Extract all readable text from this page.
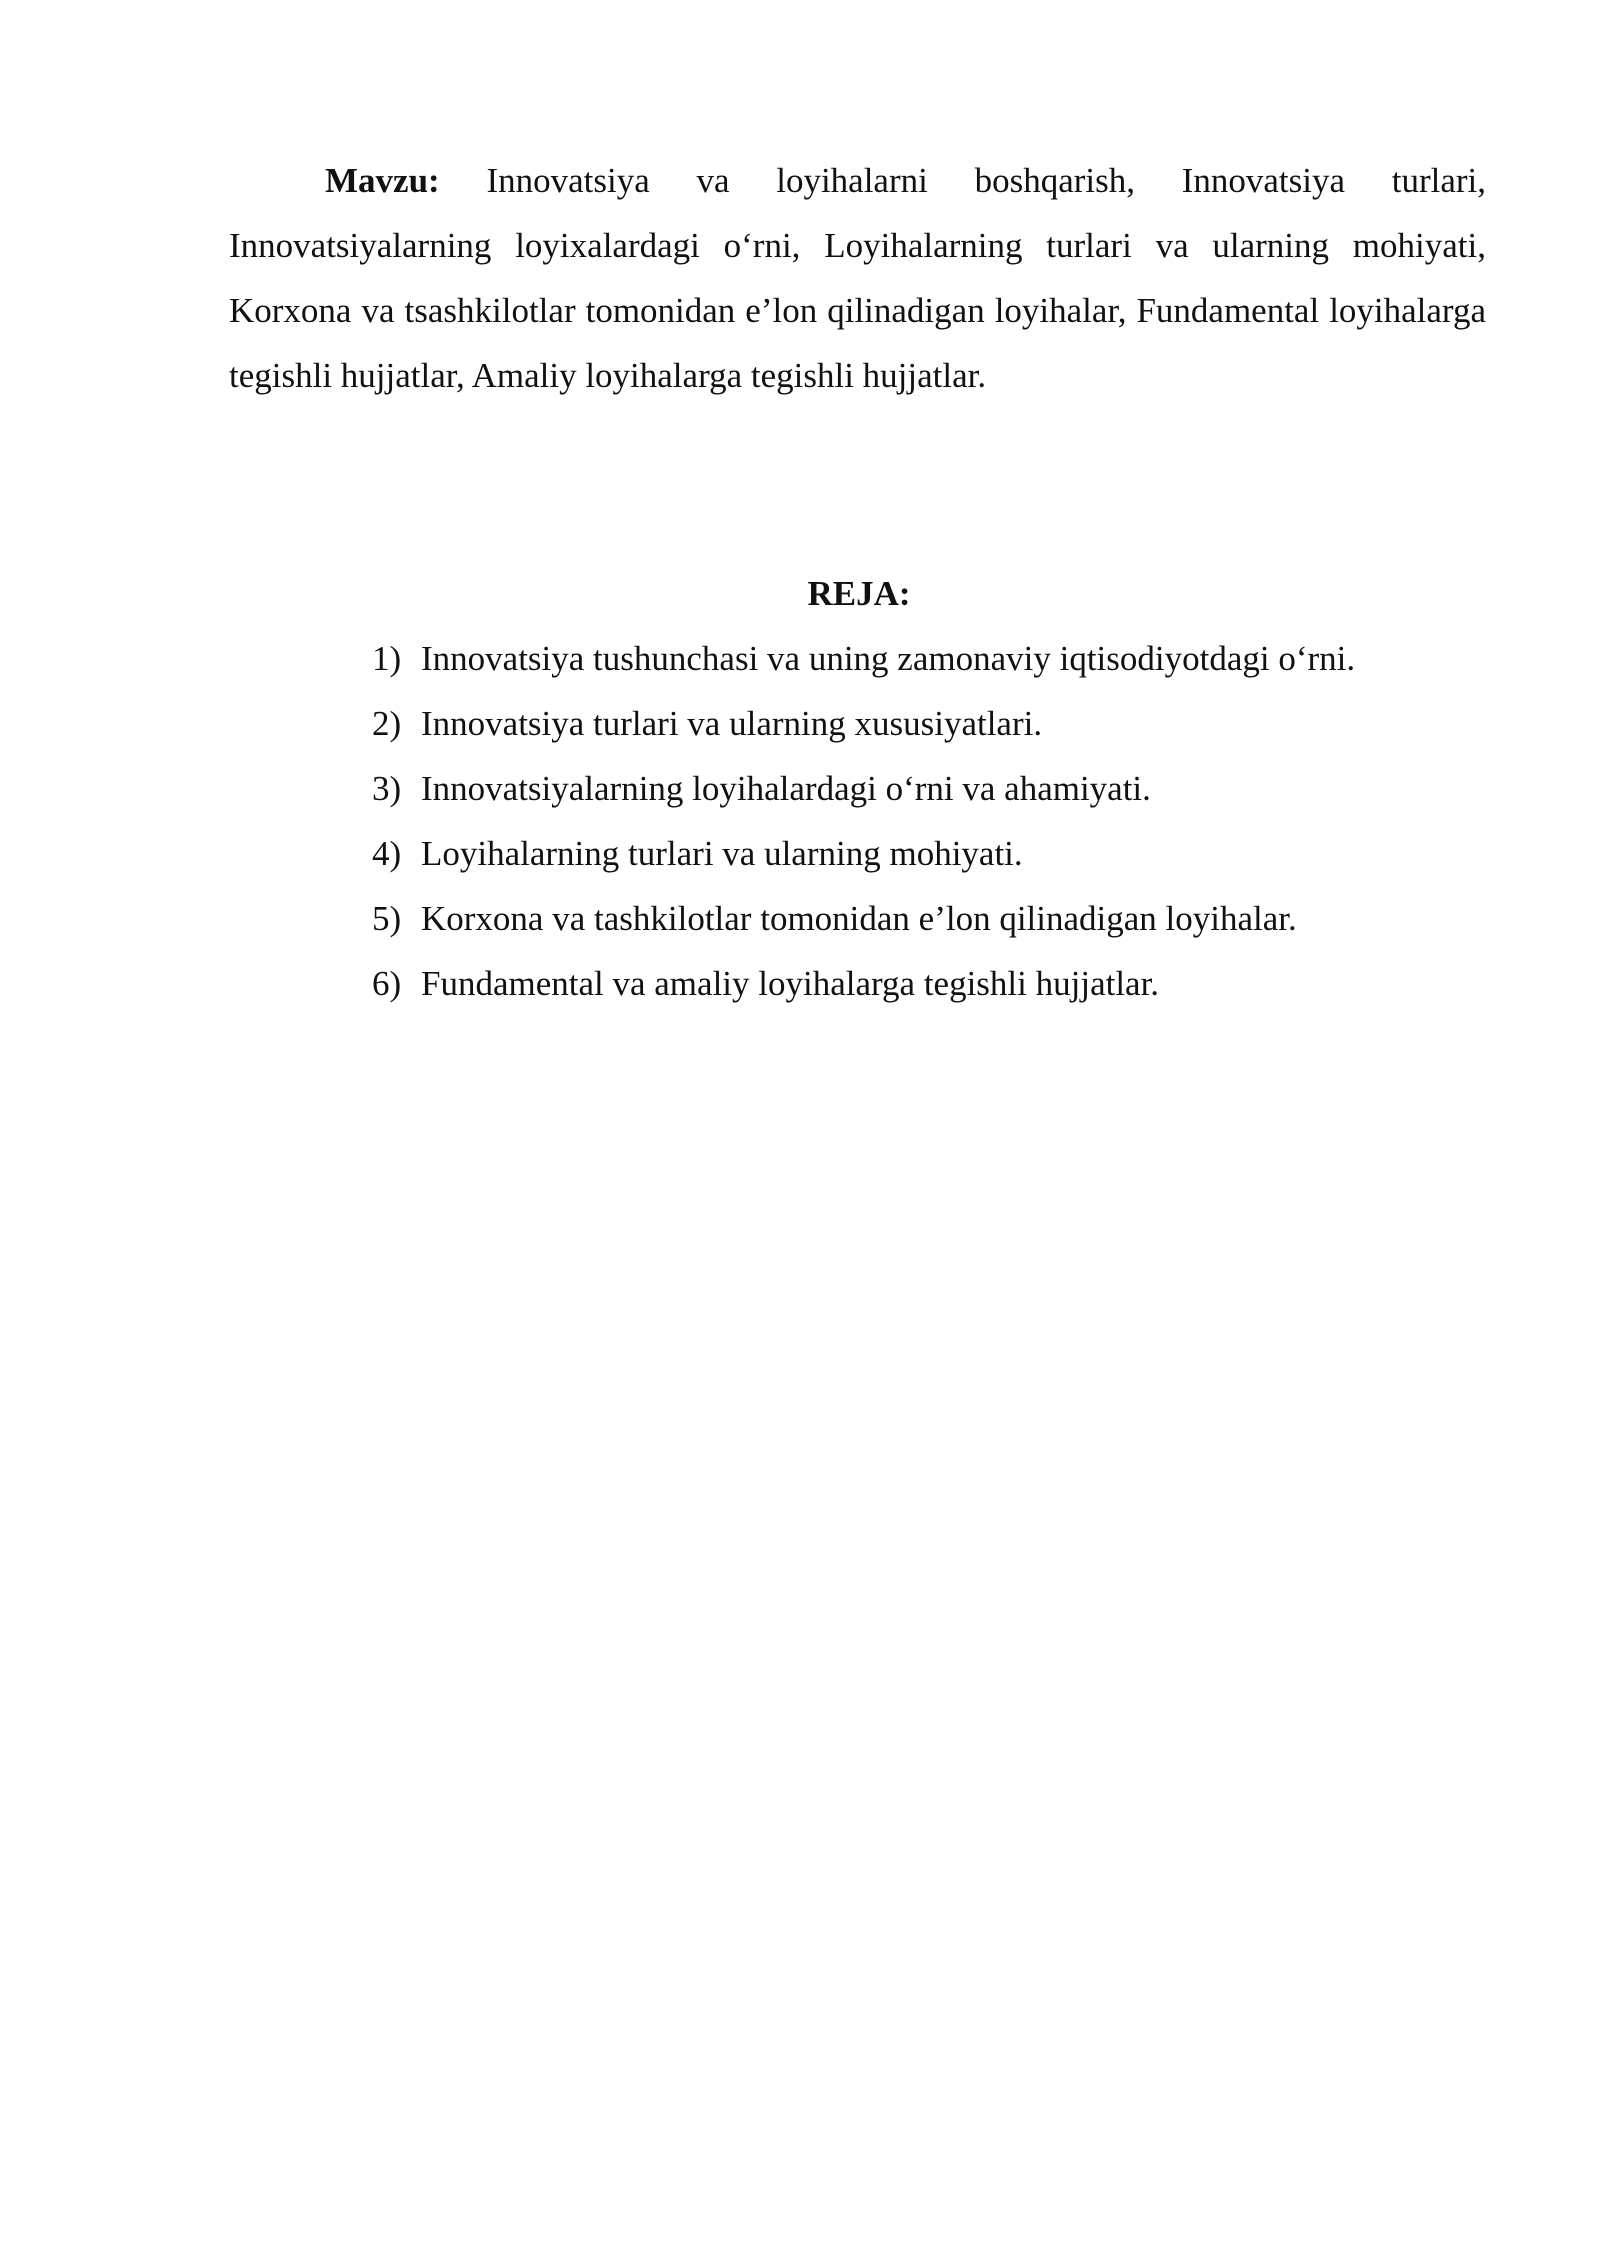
Mavzu: Innovatsiya va loyihalarni boshqarish, Innovatsiya turlari, Innovatsiyalarning loyixalardagi o‘rni, Loyihalarning turlari va ularning mohiyati, Korxona va tsashkilotlar tomonidan e’lon qilinadigan loyihalar, Fundamental loyihalarga tegishli hujjatlar, Amaliy loyihalarga tegishli hujjatlar.

REJA:
1) Innovatsiya tushunchasi va uning zamonaviy iqtisodiyotdagi o‘rni.
2) Innovatsiya turlari va ularning xususiyatlari.
3) Innovatsiyalarning loyihalardagi o‘rni va ahamiyati.
4) Loyihalarning turlari va ularning mohiyati.
5) Korxona va tashkilotlar tomonidan e’lon qilinadigan loyihalar.
6) Fundamental va amaliy loyihalarga tegishli hujjatlar.
